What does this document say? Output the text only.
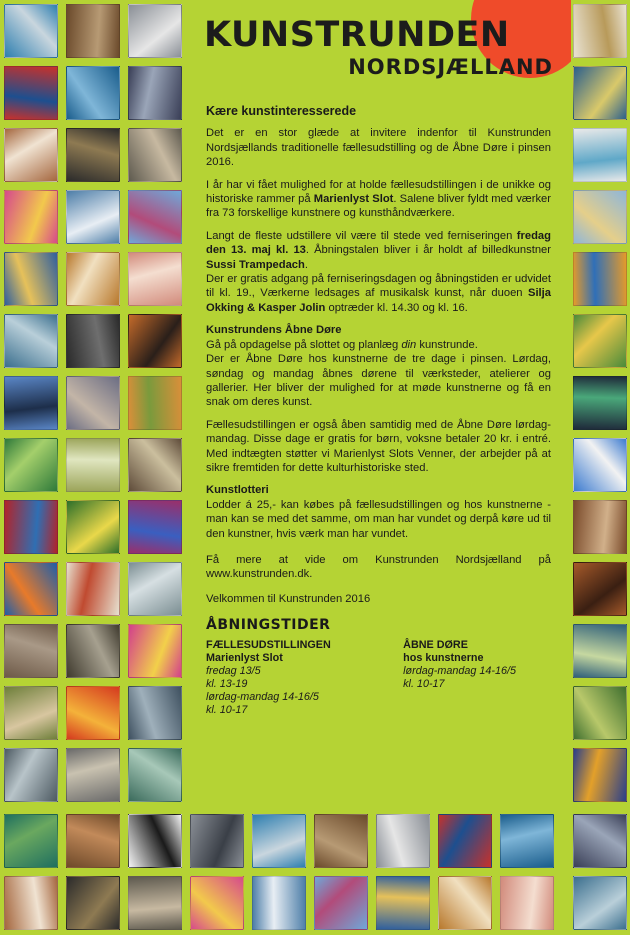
KUNSTRUNDEN
NORDSJÆLLAND
Kære kunstinteresserede

Det er en stor glæde at invitere indenfor til Kunstrunden Nordsjællands traditionelle fællesudstilling og de Åbne Døre i pinsen 2016.

I år har vi fået mulighed for at holde fællesudstillingen i de unikke og historiske rammer på Marienlyst Slot. Salene bliver fyldt med værker fra 73 forskellige kunstnere og kunsthåndværkere.

Langt de fleste udstillere vil være til stede ved ferniseringen fredag den 13. maj kl. 13. Åbningstalen bliver i år holdt af billedkunstner Sussi Trampedach.

Der er gratis adgang på ferniseringsdagen og åbningstiden er udvidet til kl. 19., Værkerne ledsages af musikalsk kunst, når duoen Silja Okking & Kasper Jolin optræder kl. 14.30 og kl. 16.

Kunstrundens Åbne Døre

Gå på opdagelse på slottet og planlæg din kunstrunde.

Der er Åbne Døre hos kunstnerne de tre dage i pinsen. Lørdag, søndag og mandag åbnes dørene til værksteder, atelierer og gallerier. Her bliver der mulighed for at møde kunstnerne og få en snak om deres kunst.

Fællesudstillingen er også åben samtidig med de Åbne Døre lørdag-mandag. Disse dage er gratis for børn, voksne betaler 20 kr. i entré. Med indtægten støtter vi Marienlyst Slots Venner, der arbejder på at sikre fremtiden for dette kulturhistoriske sted.

Kunstlotteri

Lodder á 25,- kan købes på fællesudstillingen og hos kunstnerne - man kan se med det samme, om man har vundet og derpå køre ud til den kunstner, hvis værk man har vundet.

Få mere at vide om Kunstrunden Nordsjælland på www.kunstrunden.dk.

Velkommen til Kunstrunden 2016

ÅBNINGSTIDER
FÆLLESUDSTILLINGEN
Marienlyst Slot
fredag 13/5
kl. 13-19
lørdag-mandag 14-16/5
kl. 10-17
ÅBNE DØRE
hos kunstnerne
lørdag-mandag 14-16/5
kl. 10-17
